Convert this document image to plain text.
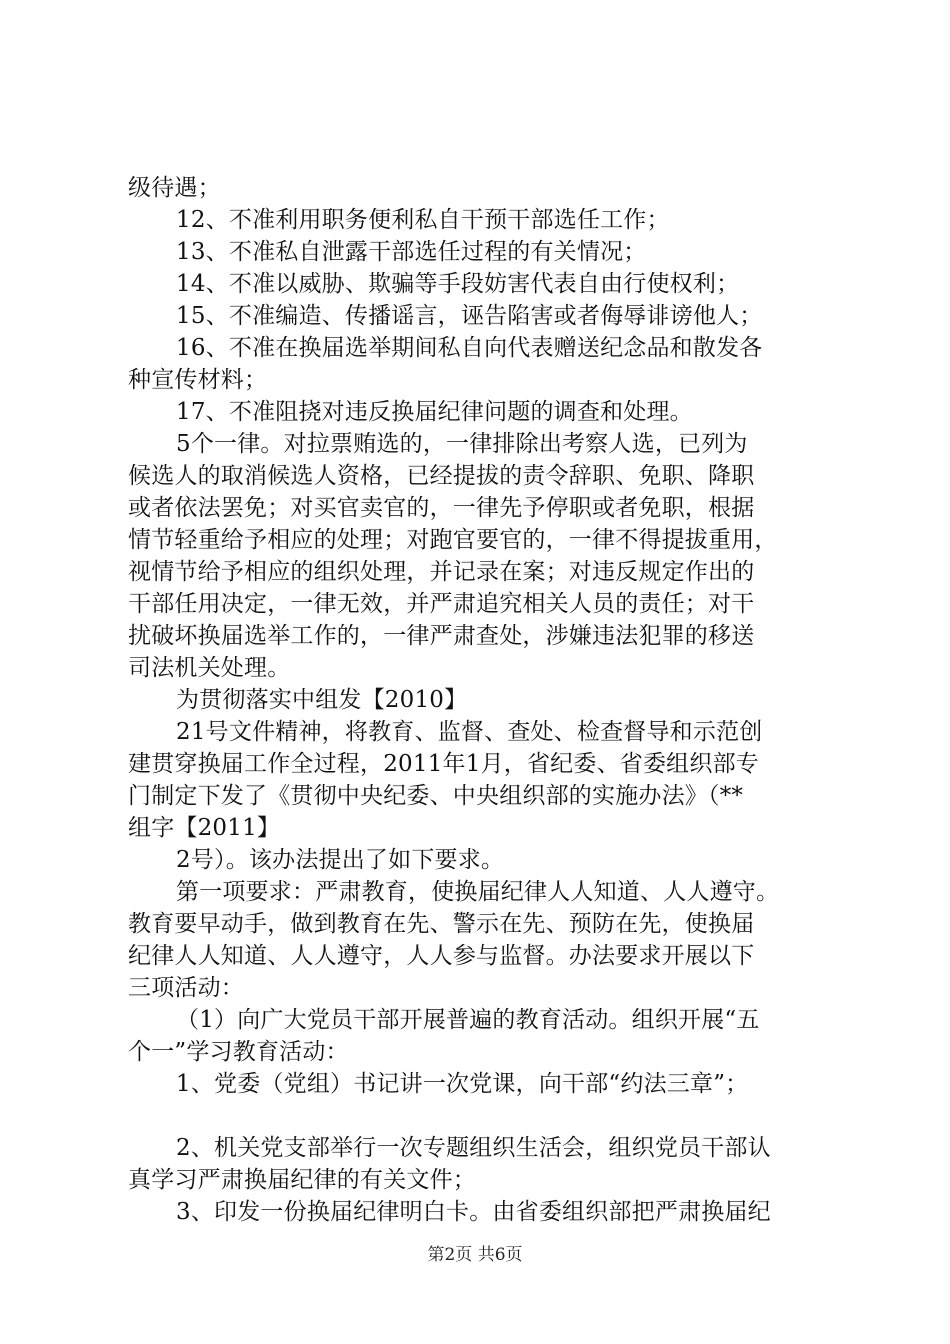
级待遇；
12、不准利用职务便利私自干预干部选任工作；
13、不准私自泄露干部选任过程的有关情况；
14、不准以威胁、欺骗等手段妨害代表自由行使权利；
15、不准编造、传播谣言，诬告陷害或者侮辱诽谤他人；
16、不准在换届选举期间私自向代表赠送纪念品和散发各
种宣传材料；
17、不准阻挠对违反换届纪律问题的调查和处理。
5个一律。对拉票贿选的，一律排除出考察人选，已列为
候选人的取消候选人资格，已经提拔的责令辞职、免职、降职
或者依法罢免；对买官卖官的，一律先予停职或者免职，根据
情节轻重给予相应的处理；对跑官要官的，一律不得提拔重用，
视情节给予相应的组织处理，并记录在案；对违反规定作出的
干部任用决定，一律无效，并严肃追究相关人员的责任；对干
扰破坏换届选举工作的，一律严肃查处，涉嫌违法犯罪的移送
司法机关处理。
为贯彻落实中组发【2010】
21号文件精神，将教育、监督、查处、检查督导和示范创
建贯穿换届工作全过程，2011年1月，省纪委、省委组织部专
门制定下发了《贯彻中央纪委、中央组织部的实施办法》（**
组字【2011】
2号）。该办法提出了如下要求。
第一项要求：严肃教育，使换届纪律人人知道、人人遵守。
教育要早动手，做到教育在先、警示在先、预防在先，使换届
纪律人人知道、人人遵守，人人参与监督。办法要求开展以下
三项活动：
（1）向广大党员干部开展普遍的教育活动。组织开展“五
个一”学习教育活动：
1、党委（党组）书记讲一次党课，向干部“约法三章”；
2、机关党支部举行一次专题组织生活会，组织党员干部认
真学习严肃换届纪律的有关文件；
3、印发一份换届纪律明白卡。由省委组织部把严肃换届纪
第2页 共6页
